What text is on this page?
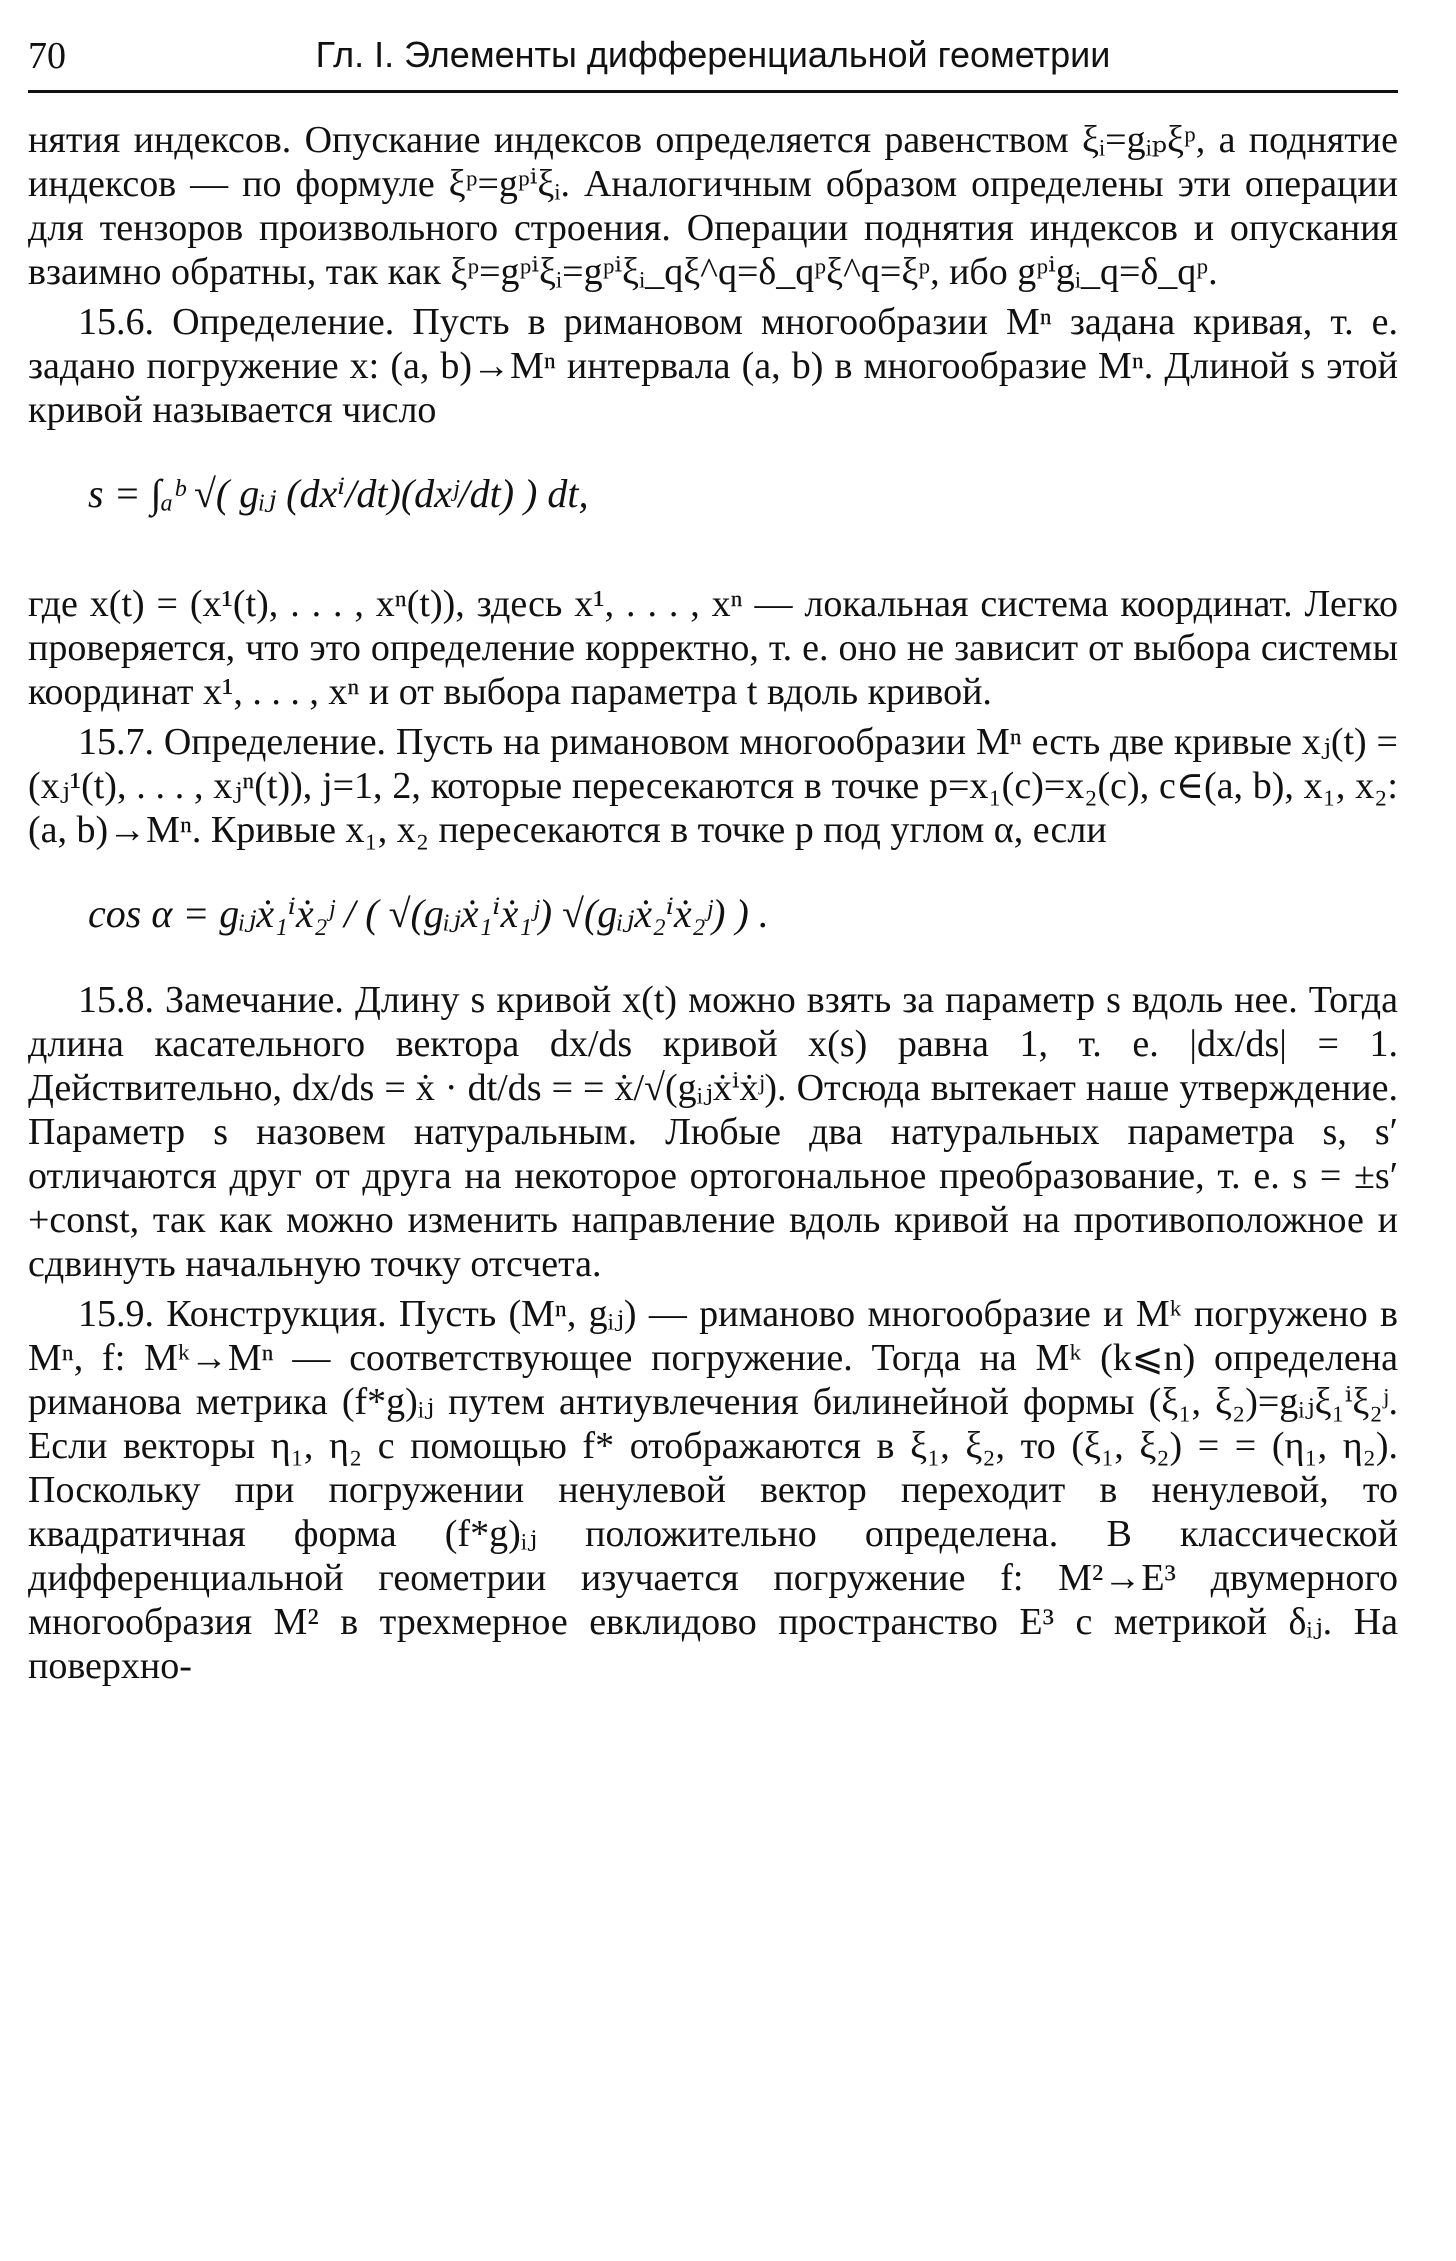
70	Гл. I. Элементы дифференциальной геометрии

нятия индексов. Опускание индексов определяется равенством ξᵢ=gᵢₚξᵖ, а поднятие индексов — по формуле ξᵖ=gᵖⁱξᵢ. Аналогичным образом определены эти операции для тензоров произвольного строения. Операции поднятия индексов и опускания взаимно обратны, так как ξᵖ=gᵖⁱξᵢ=gᵖⁱξᵢ_qξ^q=δ_qᵖξ^q=ξᵖ, ибо gᵖⁱgᵢ_q=δ_qᵖ.

15.6. Определение. Пусть в римановом многообразии Mⁿ задана кривая, т. е. задано погружение x: (a, b)→Mⁿ интервала (a, b) в многообразие Mⁿ. Длиной s этой кривой называется число

s = ∫ₐᵇ √( gᵢⱼ (dxⁱ/dt)(dxʲ/dt) ) dt,

где x(t) = (x¹(t), . . . , xⁿ(t)), здесь x¹, . . . , xⁿ — локальная система координат. Легко проверяется, что это определение корректно, т. е. оно не зависит от выбора системы координат x¹, . . . , xⁿ и от выбора параметра t вдоль кривой.

15.7. Определение. Пусть на римановом многообразии Mⁿ есть две кривые xⱼ(t) = (xⱼ¹(t), . . . , xⱼⁿ(t)), j=1, 2, которые пересекаются в точке p=x₁(c)=x₂(c), c∈(a, b), x₁, x₂: (a, b)→Mⁿ. Кривые x₁, x₂ пересекаются в точке p под углом α, если

cos α = gᵢⱼẋ₁ⁱẋ₂ʲ / ( √(gᵢⱼẋ₁ⁱẋ₁ʲ) √(gᵢⱼẋ₂ⁱẋ₂ʲ) ) .

15.8. Замечание. Длину s кривой x(t) можно взять за параметр s вдоль нее. Тогда длина касательного вектора dx/ds кривой x(s) равна 1, т. е. |dx/ds| = 1. Действительно, dx/ds = ẋ · dt/ds = = ẋ/√(gᵢⱼẋⁱẋʲ). Отсюда вытекает наше утверждение. Параметр s назовем натуральным. Любые два натуральных параметра s, s′ отличаются друг от друга на некоторое ортогональное преобразование, т. е. s = ±s′+const, так как можно изменить направление вдоль кривой на противоположное и сдвинуть начальную точку отсчета.

15.9. Конструкция. Пусть (Mⁿ, gᵢⱼ) — риманово многообразие и Mᵏ погружено в Mⁿ, f: Mᵏ→Mⁿ — соответствующее погружение. Тогда на Mᵏ (k⩽n) определена риманова метрика (f*g)ᵢⱼ путем антиувлечения билинейной формы (ξ₁, ξ₂)=gᵢⱼξ₁ⁱξ₂ʲ. Если векторы η₁, η₂ с помощью f* отображаются в ξ₁, ξ₂, то (ξ₁, ξ₂) = = (η₁, η₂). Поскольку при погружении ненулевой вектор переходит в ненулевой, то квадратичная форма (f*g)ᵢⱼ положительно определена. В классической дифференциальной геометрии изучается погружение f: M²→E³ двумерного многообразия M² в трехмерное евклидово пространство E³ с метрикой δᵢⱼ. На поверхно-
